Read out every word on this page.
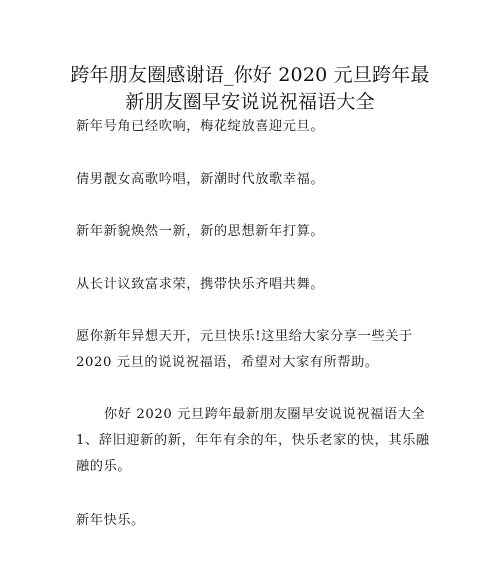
跨年朋友圈感谢语_你好 2020 元旦跨年最
新朋友圈早安说说祝福语大全
新年号角已经吹响，梅花绽放喜迎元旦。
倩男靓女高歌吟唱，新潮时代放歌幸福。
新年新貌焕然一新，新的思想新年打算。
从长计议致富求荣，携带快乐齐唱共舞。
愿你新年异想天开，元旦快乐!这里给大家分享一些关于
2020 元旦的说说祝福语，希望对大家有所帮助。
你好 2020 元旦跨年最新朋友圈早安说说祝福语大全
1、辞旧迎新的新，年年有余的年，快乐老家的快，其乐融
融的乐。
新年快乐。
